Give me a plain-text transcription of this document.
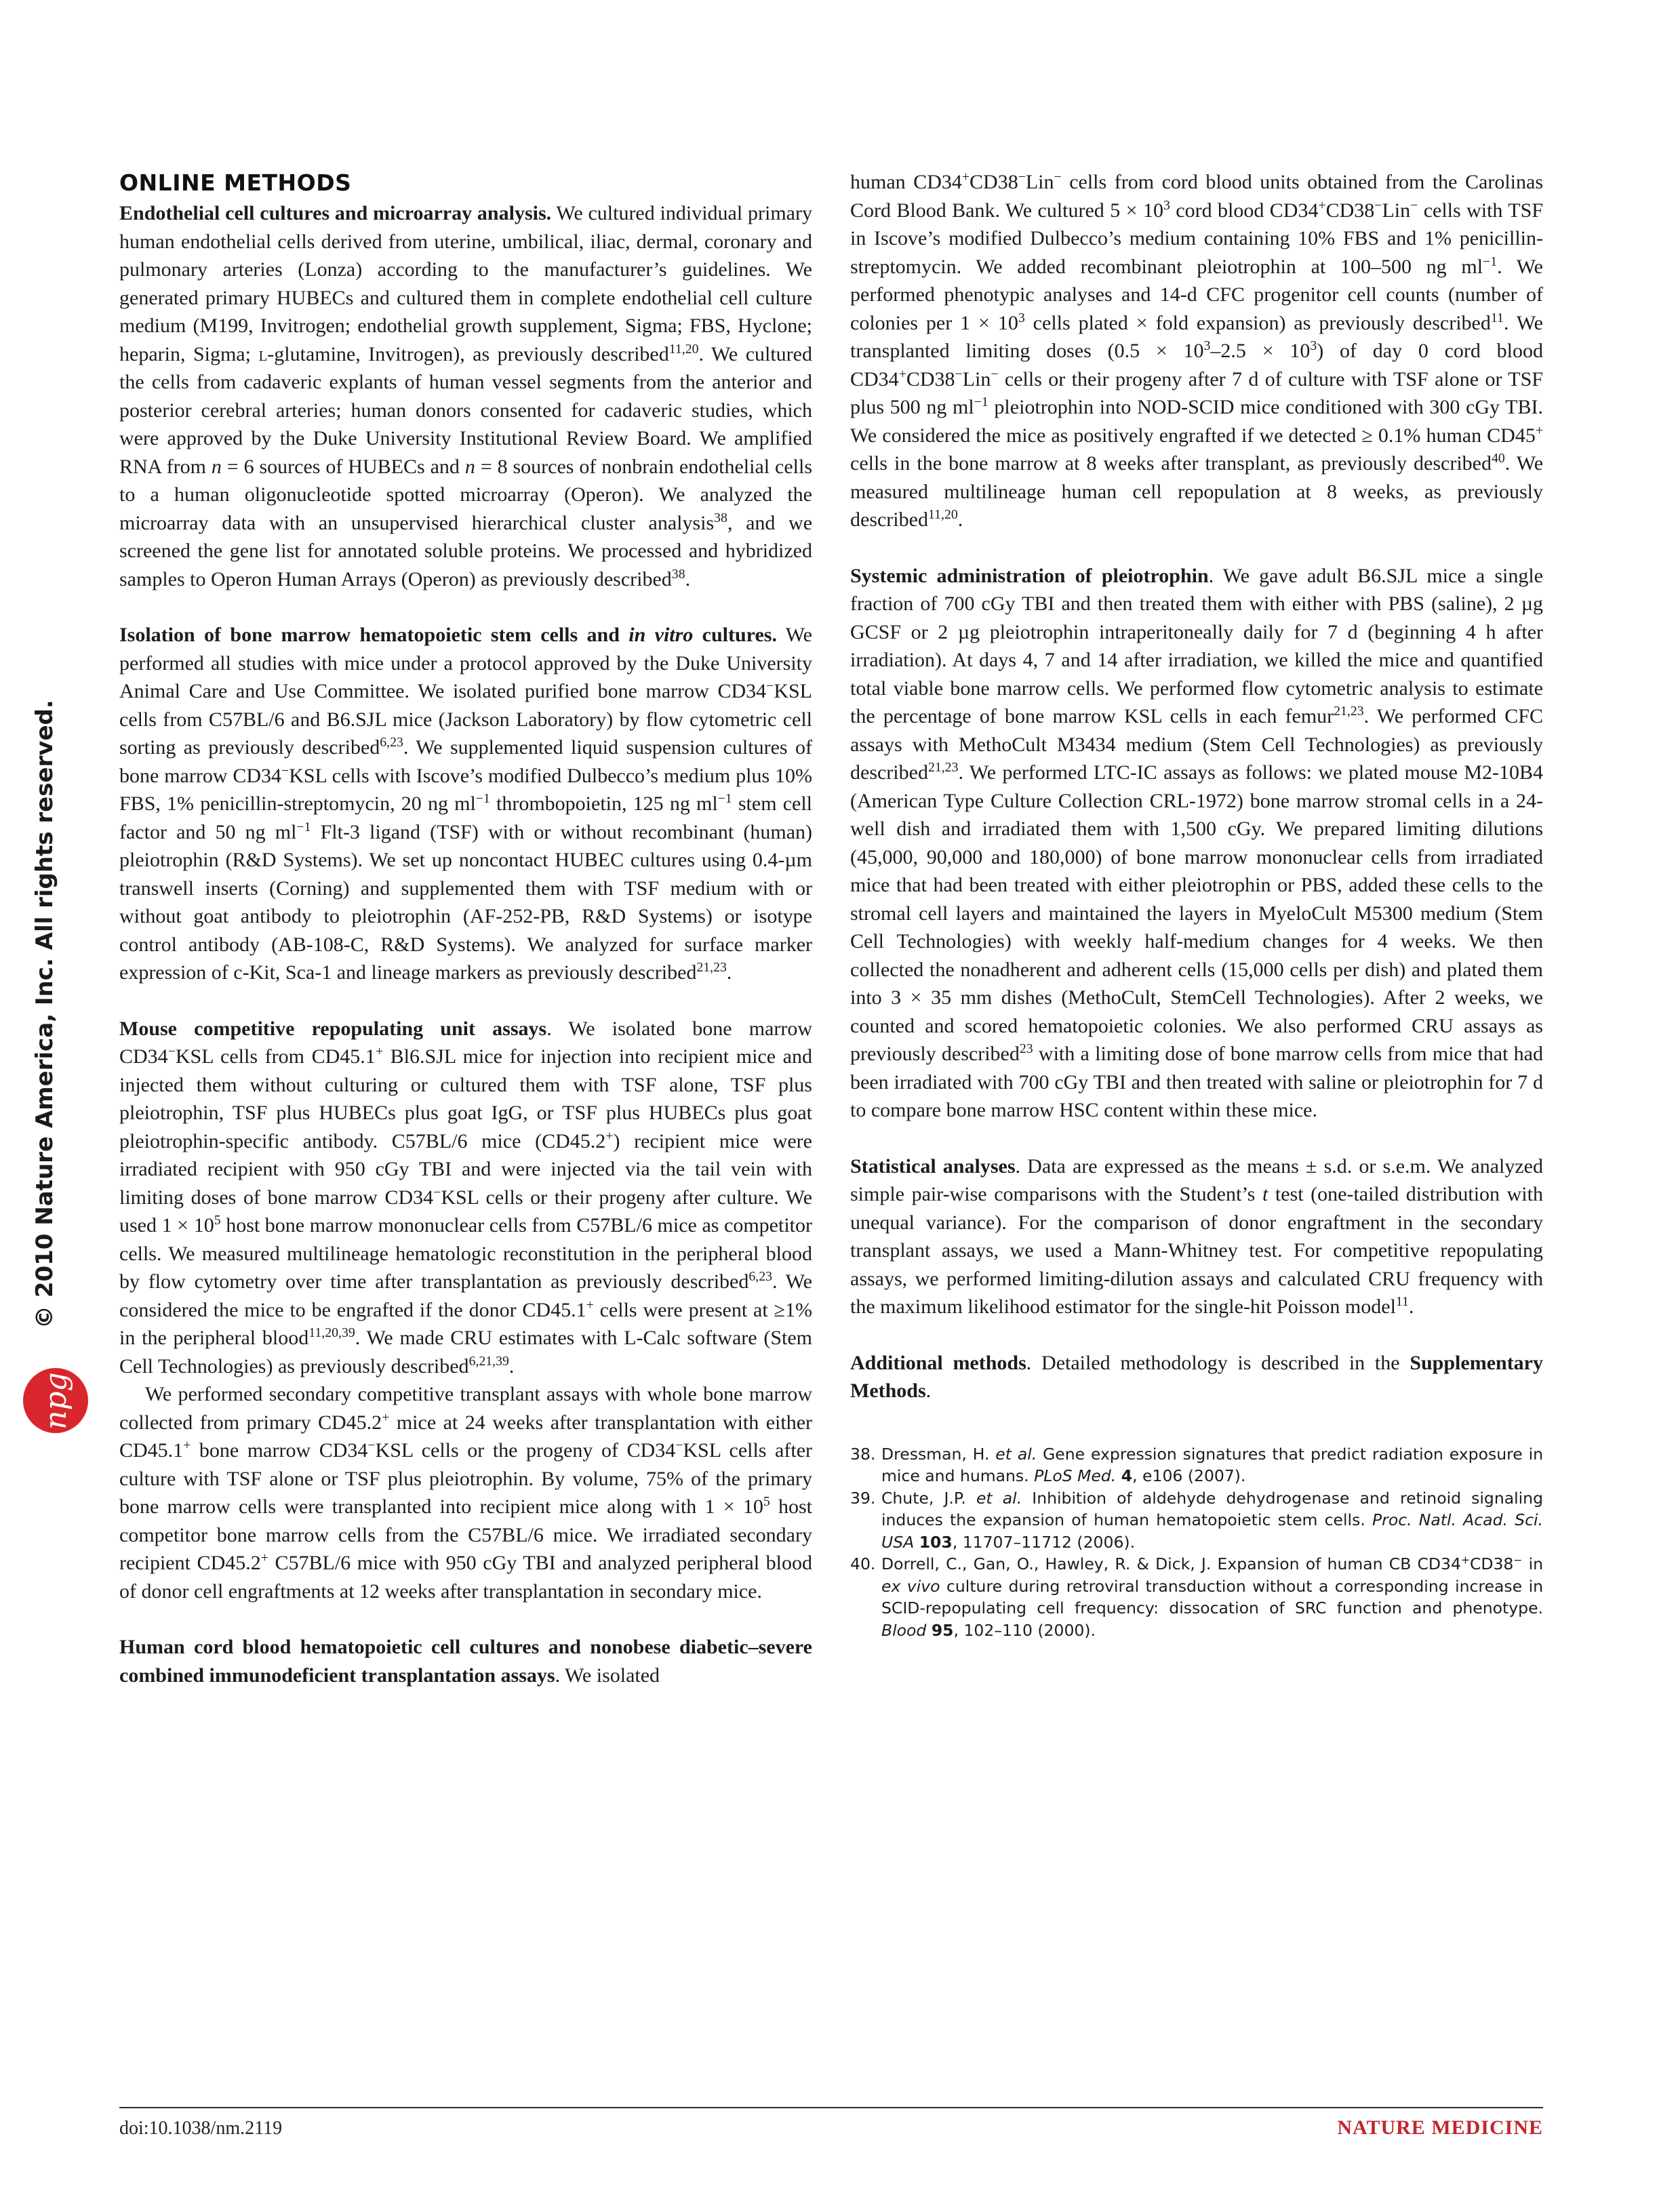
© 2010 Nature America, Inc. All rights reserved.
npg
ONLINE METHODS

Endothelial cell cultures and microarray analysis. We cultured individual primary human endothelial cells derived from uterine, umbilical, iliac, dermal, coronary and pulmonary arteries (Lonza) according to the manufacturer’s guidelines. We generated primary HUBECs and cultured them in complete endothelial cell culture medium (M199, Invitrogen; endothelial growth supplement, Sigma; FBS, Hyclone; heparin, Sigma; l-glutamine, Invitrogen), as previously described$^{11,20}$. We cultured the cells from cadaveric explants of human vessel segments from the anterior and posterior cerebral arteries; human donors consented for cadaveric studies, which were approved by the Duke University Institutional Review Board. We amplified RNA from n = 6 sources of HUBECs and n = 8 sources of nonbrain endothelial cells to a human oligonucleotide spotted microarray (Operon). We analyzed the microarray data with an unsupervised hierarchical cluster analysis$^{38}$, and we screened the gene list for annotated soluble proteins. We processed and hybridized samples to Operon Human Arrays (Operon) as previously described$^{38}$.

Isolation of bone marrow hematopoietic stem cells and in vitro cultures. We performed all studies with mice under a protocol approved by the Duke University Animal Care and Use Committee. We isolated purified bone marrow CD34−KSL cells from C57BL/6 and B6.SJL mice (Jackson Laboratory) by flow cytometric cell sorting as previously described$^{6,23}$. We supplemented liquid suspension cultures of bone marrow CD34−KSL cells with Iscove’s modified Dulbecco’s medium plus 10% FBS, 1% penicillin-streptomycin, 20 ng $ml^{-1}$ thrombopoietin, 125 ng $ml^{-1}$ stem cell factor and 50 ng $ml^{-1}$ Flt-3 ligand (TSF) with or without recombinant (human) pleiotrophin (R&D Systems). We set up noncontact HUBEC cultures using 0.4-µm transwell inserts (Corning) and supplemented them with TSF medium with or without goat antibody to pleiotrophin (AF-252-PB, R&D Systems) or isotype control antibody (AB-108-C, R&D Systems). We analyzed for surface marker expression of c-Kit, Sca-1 and lineage markers as previously described$^{21,23}$.

Mouse competitive repopulating unit assays. We isolated bone marrow CD34−KSL cells from CD45.1+ Bl6.SJL mice for injection into recipient mice and injected them without culturing or cultured them with TSF alone, TSF plus pleiotrophin, TSF plus HUBECs plus goat IgG, or TSF plus HUBECs plus goat pleiotrophin-specific antibody. C57BL/6 mice (CD45.2+) recipient mice were irradiated recipient with 950 cGy TBI and were injected via the tail vein with limiting doses of bone marrow CD34−KSL cells or their progeny after culture. We used $1 \times 10^5$ host bone marrow mononuclear cells from C57BL/6 mice as competitor cells. We measured multilineage hematologic reconstitution in the peripheral blood by flow cytometry over time after transplantation as previously described$^{6,23}$. We considered the mice to be engrafted if the donor CD45.1+ cells were present at ≥1% in the peripheral blood$^{11,20,39}$. We made CRU estimates with L-Calc software (Stem Cell Technologies) as previously described$^{6,21,39}$.

We performed secondary competitive transplant assays with whole bone marrow collected from primary CD45.2+ mice at 24 weeks after transplantation with either CD45.1+ bone marrow CD34−KSL cells or the progeny of CD34−KSL cells after culture with TSF alone or TSF plus pleiotrophin. By volume, 75% of the primary bone marrow cells were transplanted into recipient mice along with $1 \times 10^5$ host competitor bone marrow cells from the C57BL/6 mice. We irradiated secondary recipient CD45.2+ C57BL/6 mice with 950 cGy TBI and analyzed peripheral blood of donor cell engraftments at 12 weeks after transplantation in secondary mice.

Human cord blood hematopoietic cell cultures and nonobese diabetic–severe combined immunodeficient transplantation assays. We isolated

human CD34+CD38−Lin− cells from cord blood units obtained from the Carolinas Cord Blood Bank. We cultured $5 \times 10^3$ cord blood CD34+CD38−Lin− cells with TSF in Iscove’s modified Dulbecco’s medium containing 10% FBS and 1% penicillin-streptomycin. We added recombinant pleiotrophin at 100–500 ng $ml^{-1}$. We performed phenotypic analyses and 14-d CFC progenitor cell counts (number of colonies per $1 \times 10^3$ cells plated × fold expansion) as previously described$^{11}$. We transplanted limiting doses $(0.5 \times 10^3-2.5 \times 10^3)$ of day 0 cord blood CD34+CD38−Lin− cells or their progeny after 7 d of culture with TSF alone or TSF plus 500 ng $ml^{-1}$ pleiotrophin into NOD-SCID mice conditioned with 300 cGy TBI. We considered the mice as positively engrafted if we detected ≥ 0.1% human CD45+ cells in the bone marrow at 8 weeks after transplant, as previously described$^{40}$. We measured multilineage human cell repopulation at 8 weeks, as previously described$^{11,20}$.

Systemic administration of pleiotrophin. We gave adult B6.SJL mice a single fraction of 700 cGy TBI and then treated them with either with PBS (saline), 2 µg GCSF or 2 µg pleiotrophin intraperitoneally daily for 7 d (beginning 4 h after irradiation). At days 4, 7 and 14 after irradiation, we killed the mice and quantified total viable bone marrow cells. We performed flow cytometric analysis to estimate the percentage of bone marrow KSL cells in each femur$^{21,23}$. We performed CFC assays with MethoCult M3434 medium (Stem Cell Technologies) as previously described$^{21,23}$. We performed LTC-IC assays as follows: we plated mouse M2-10B4 (American Type Culture Collection CRL-1972) bone marrow stromal cells in a 24-well dish and irradiated them with 1,500 cGy. We prepared limiting dilutions (45,000, 90,000 and 180,000) of bone marrow mononuclear cells from irradiated mice that had been treated with either pleiotrophin or PBS, added these cells to the stromal cell layers and maintained the layers in MyeloCult M5300 medium (Stem Cell Technologies) with weekly half-medium changes for 4 weeks. We then collected the nonadherent and adherent cells (15,000 cells per dish) and plated them into 3 × 35 mm dishes (MethoCult, StemCell Technologies). After 2 weeks, we counted and scored hematopoietic colonies. We also performed CRU assays as previously described$^{23}$ with a limiting dose of bone marrow cells from mice that had been irradiated with 700 cGy TBI and then treated with saline or pleiotrophin for 7 d to compare bone marrow HSC content within these mice.

Statistical analyses. Data are expressed as the means ± s.d. or s.e.m. We analyzed simple pair-wise comparisons with the Student’s t test (one-tailed distribution with unequal variance). For the comparison of donor engraftment in the secondary transplant assays, we used a Mann-Whitney test. For competitive repopulating assays, we performed limiting-dilution assays and calculated CRU frequency with the maximum likelihood estimator for the single-hit Poisson model$^{11}$.

Additional methods. Detailed methodology is described in the Supplementary Methods.

38. Dressman, H. et al. Gene expression signatures that predict radiation exposure in mice and humans. PLoS Med. 4, e106 (2007).
39. Chute, J.P. et al. Inhibition of aldehyde dehydrogenase and retinoid signaling induces the expansion of human hematopoietic stem cells. Proc. Natl. Acad. Sci. USA 103, 11707–11712 (2006).
40. Dorrell, C., Gan, O., Hawley, R. & Dick, J. Expansion of human CB CD34+CD38− in ex vivo culture during retroviral transduction without a corresponding increase in SCID-repopulating cell frequency: dissocation of SRC function and phenotype. Blood 95, 102–110 (2000).
doi:10.1038/nm.2119	NATURE MEDICINE
